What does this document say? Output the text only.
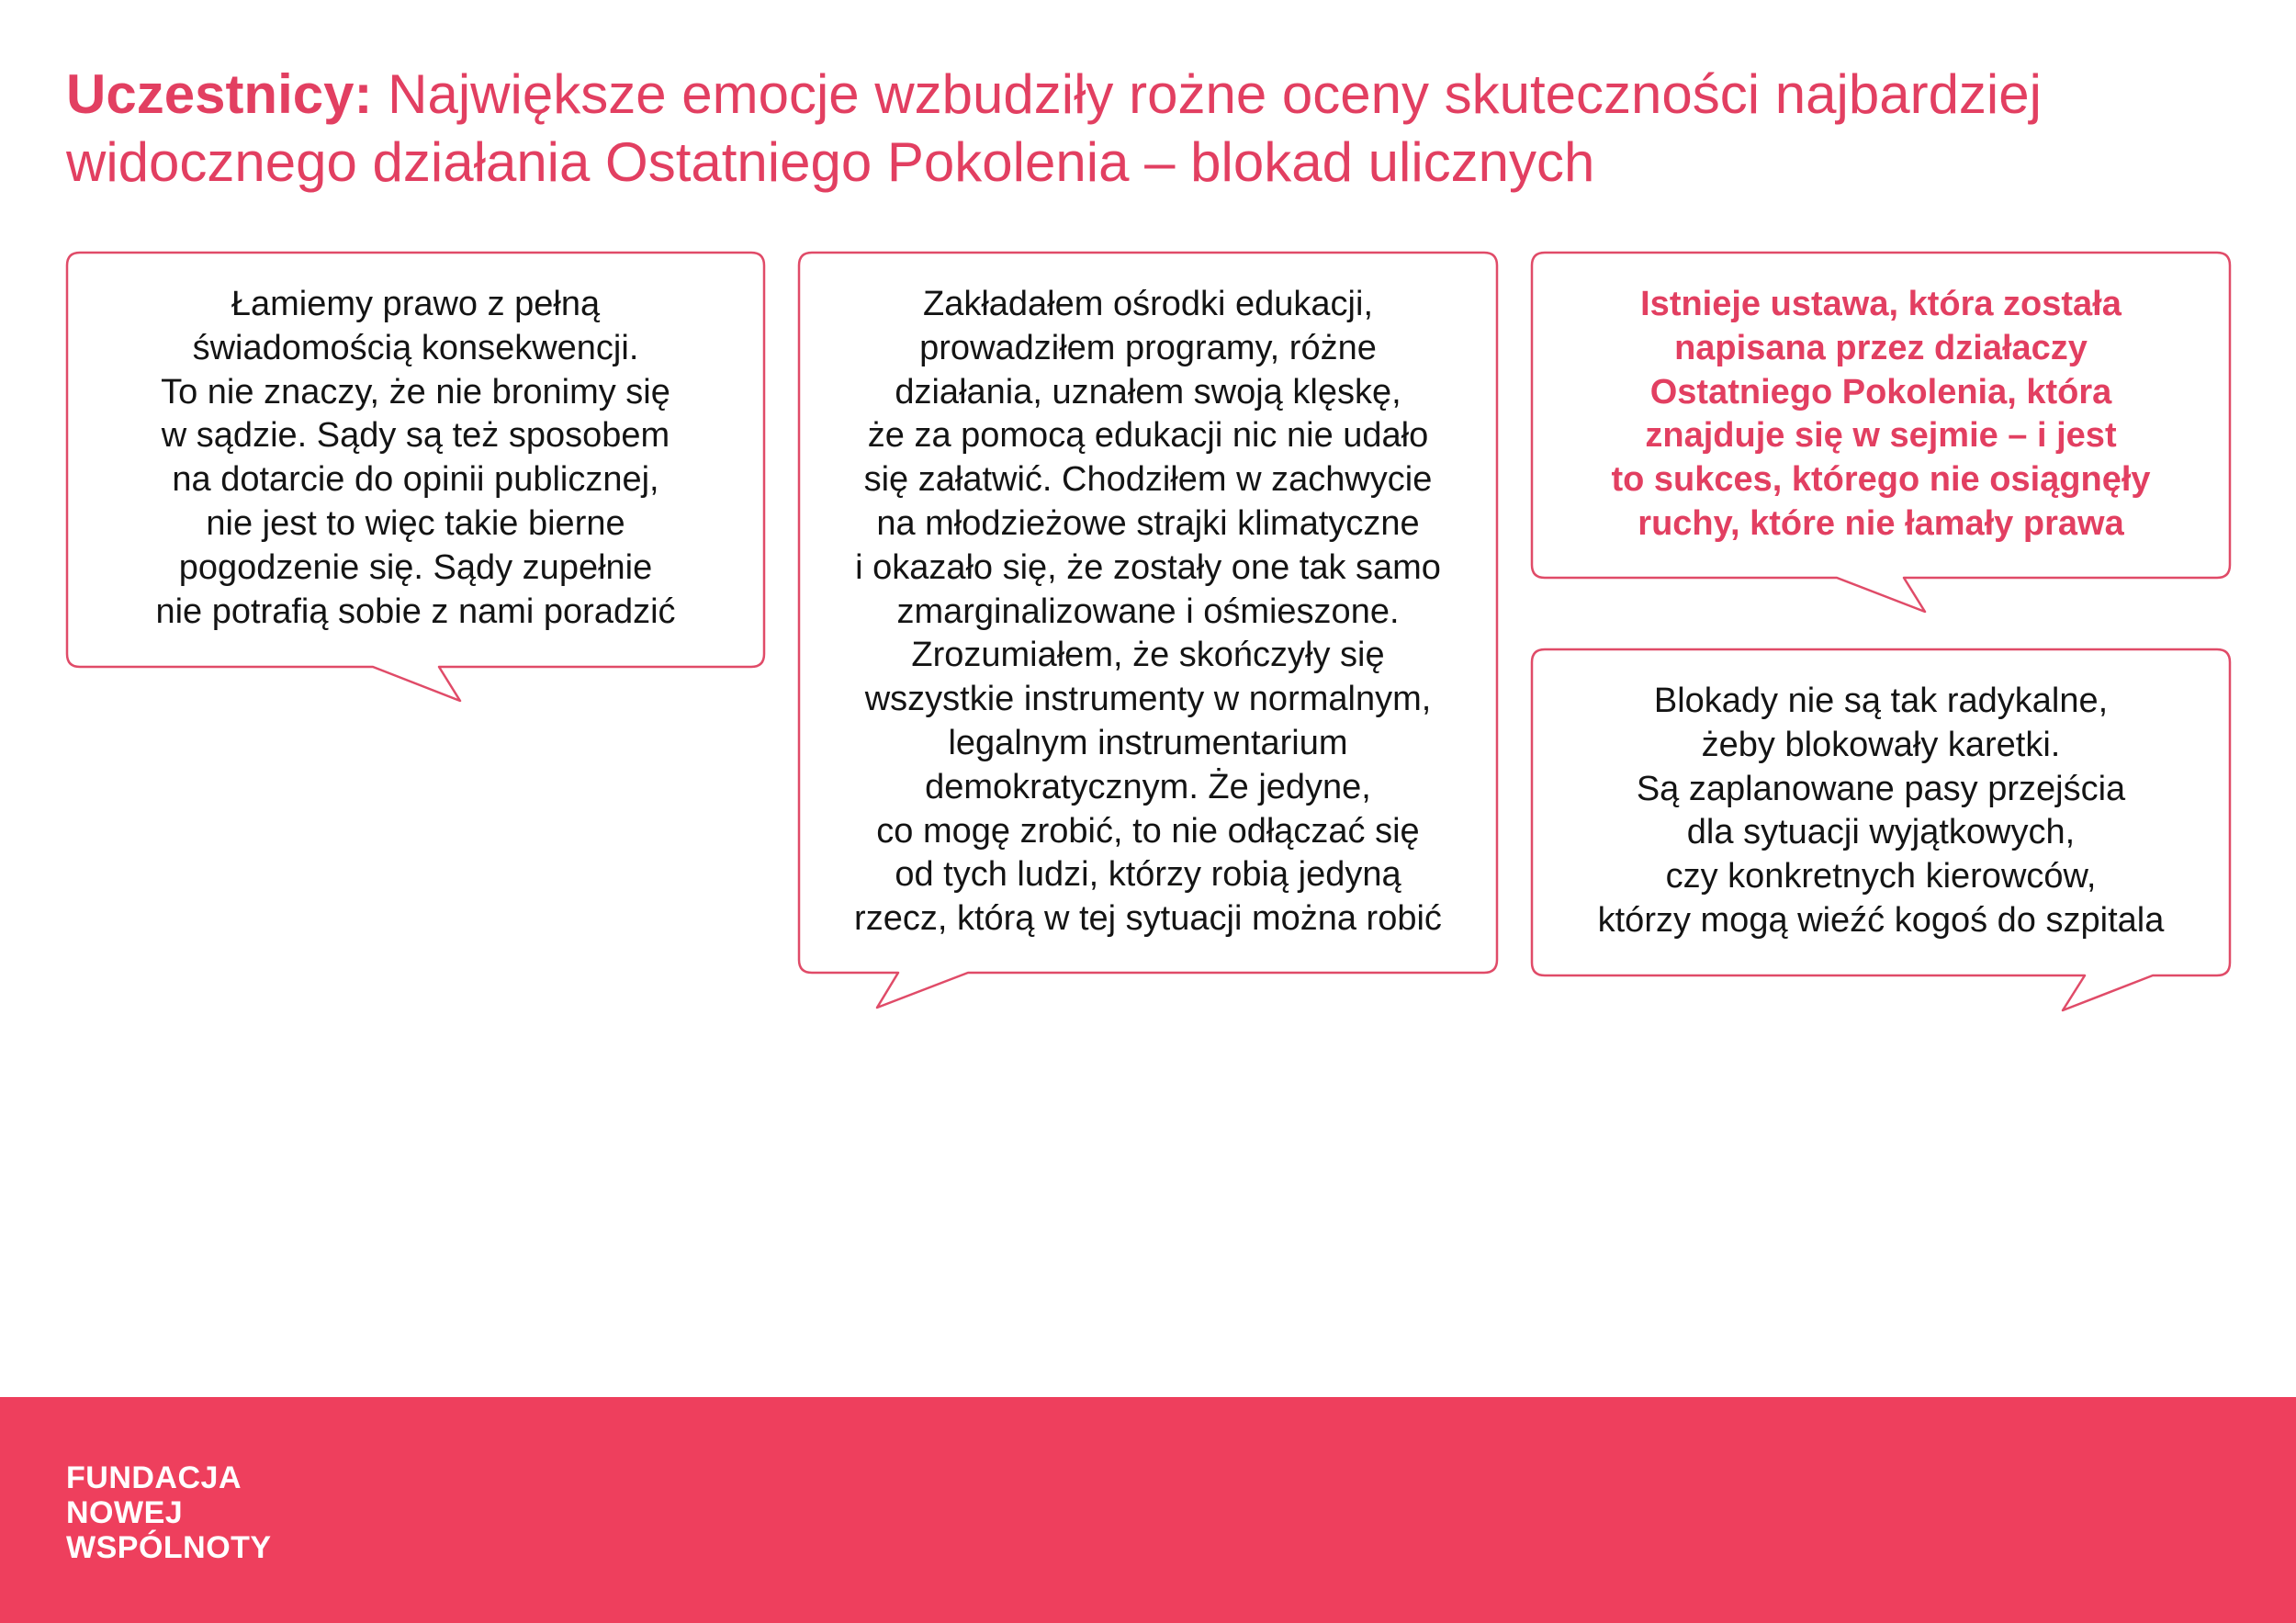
Uczestnicy: Największe emocje wzbudziły rożne oceny skuteczności najbardziej widocznego działania Ostatniego Pokolenia – blokad ulicznych
Łamiemy prawo z pełną
świadomością konsekwencji.
To nie znaczy, że nie bronimy się
w sądzie. Sądy są też sposobem
na dotarcie do opinii publicznej,
nie jest to więc takie bierne
pogodzenie się. Sądy zupełnie
nie potrafią sobie z nami poradzić
Zakładałem ośrodki edukacji,
prowadziłem programy, różne
działania, uznałem swoją klęskę,
że za pomocą edukacji nic nie udało
się załatwić. Chodziłem w zachwycie
na młodzieżowe strajki klimatyczne
i okazało się, że zostały one tak samo
zmarginalizowane i ośmieszone.
Zrozumiałem, że skończyły się
wszystkie instrumenty w normalnym,
legalnym instrumentarium
demokratycznym. Że jedyne,
co mogę zrobić, to nie odłączać się
od tych ludzi, którzy robią jedyną
rzecz, którą w tej sytuacji można robić
Istnieje ustawa, która została
napisana przez działaczy
Ostatniego Pokolenia, która
znajduje się w sejmie – i jest
to sukces, którego nie osiągnęły
ruchy, które nie łamały prawa
Blokady nie są tak radykalne,
żeby blokowały karetki.
Są zaplanowane pasy przejścia
dla sytuacji wyjątkowych,
czy konkretnych kierowców,
którzy mogą wieźć kogoś do szpitala
FUNDACJA
NOWEJ
WSPÓLNOTY
